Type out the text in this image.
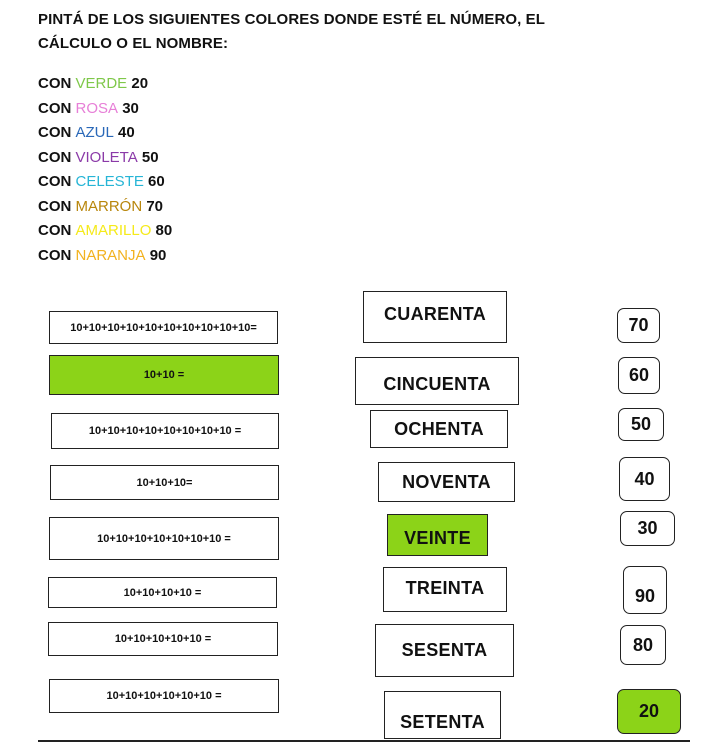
PINTÁ DE LOS SIGUIENTES COLORES DONDE ESTÉ EL NÚMERO, EL
CÁLCULO O EL NOMBRE:
CON VERDE 20
CON ROSA 30
CON AZUL 40
CON VIOLETA 50
CON CELESTE 60
CON MARRÓN 70
CON AMARILLO 80
CON NARANJA 90
10+10+10+10+10+10+10+10+10+10=
10+10 =
10+10+10+10+10+10+10+10 =
10+10+10=
10+10+10+10+10+10+10 =
10+10+10+10 =
10+10+10+10+10 =
10+10+10+10+10+10 =
CUARENTA
CINCUENTA
OCHENTA
NOVENTA
VEINTE
TREINTA
SESENTA
SETENTA
70
60
50
40
30
90
80
20
